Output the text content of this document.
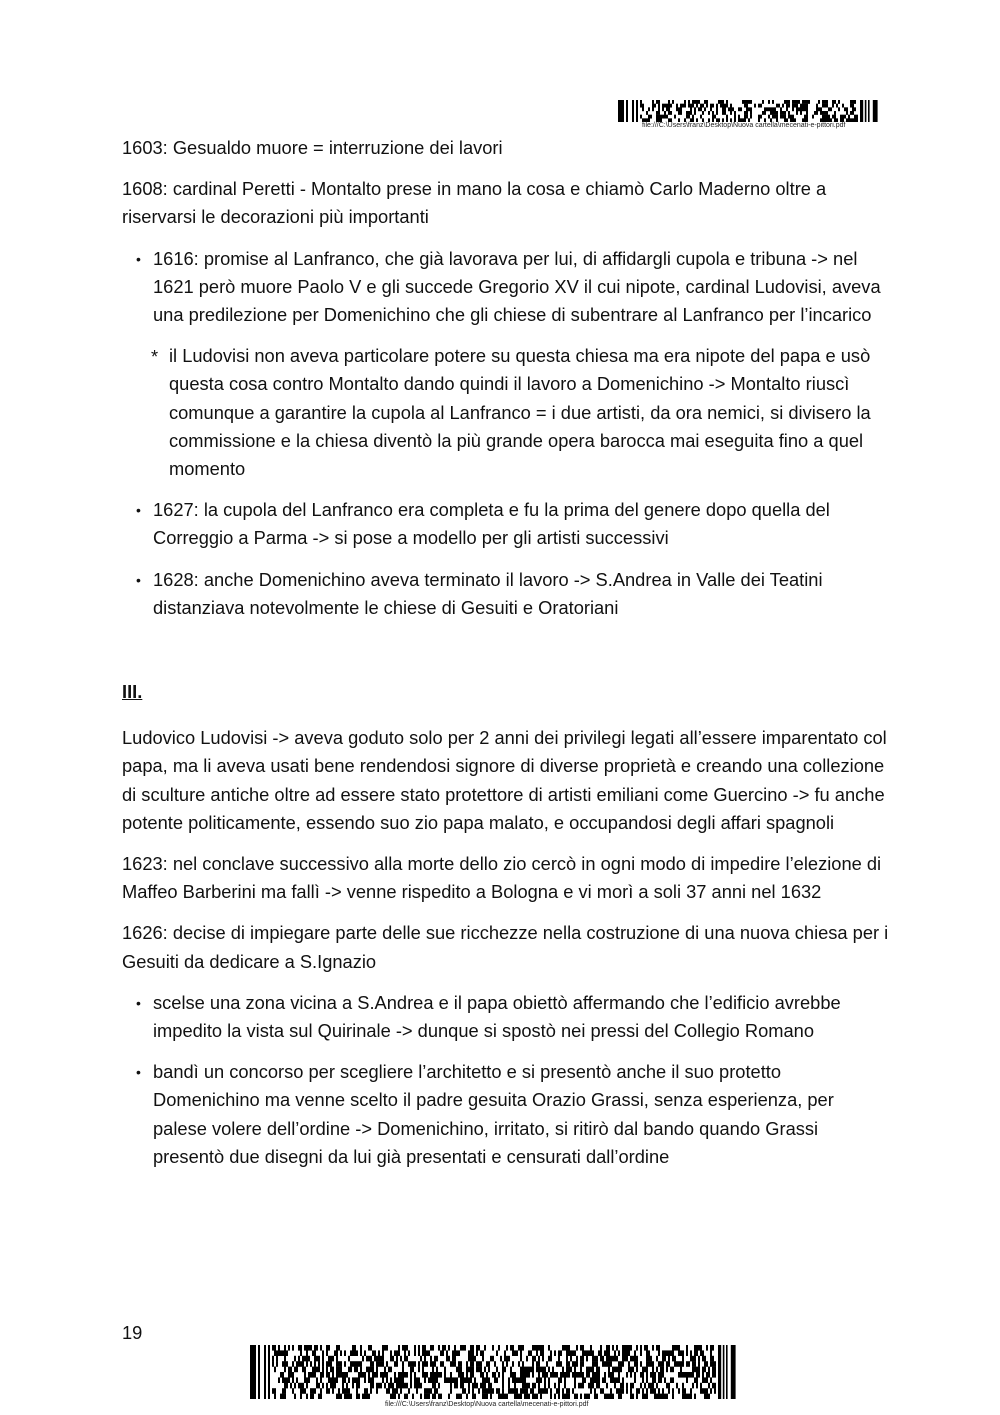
file:///C:\Users\franz\Desktop\Nuova cartella\mecenati-e-pittori.pdf

1603: Gesualdo muore = interruzione dei lavori

1608: cardinal Peretti - Montalto prese in mano la cosa e chiamò Carlo Maderno oltre a riservarsi le decorazioni più importanti

• 1616: promise al Lanfranco, che già lavorava per lui, di affidargli cupola e tribuna -> nel 1621 però muore Paolo V e gli succede Gregorio XV il cui nipote, cardinal Ludovisi, aveva una predilezione per Domenichino che gli chiese di subentrare al Lanfranco per l’incarico
* il Ludovisi non aveva particolare potere su questa chiesa ma era nipote del papa e usò questa cosa contro Montalto dando quindi il lavoro a Domenichino -> Montalto riuscì comunque a garantire la cupola al Lanfranco = i due artisti, da ora nemici, si divisero la commissione e la chiesa diventò la più grande opera barocca mai eseguita fino a quel momento
• 1627: la cupola del Lanfranco era completa e fu la prima del genere dopo quella del Correggio a Parma -> si pose a modello per gli artisti successivi
• 1628: anche Domenichino aveva terminato il lavoro -> S.Andrea in Valle dei Teatini distanziava notevolmente le chiese di Gesuiti e Oratoriani

III.

Ludovico Ludovisi -> aveva goduto solo per 2 anni dei privilegi legati all’essere imparentato col papa, ma li aveva usati bene rendendosi signore di diverse proprietà e creando una collezione di sculture antiche oltre ad essere stato protettore di artisti emiliani come Guercino -> fu anche potente politicamente, essendo suo zio papa malato, e occupandosi degli affari spagnoli

1623: nel conclave successivo alla morte dello zio cercò in ogni modo di impedire l’elezione di Maffeo Barberini ma fallì -> venne rispedito a Bologna e vi morì a soli 37 anni nel 1632

1626: decise di impiegare parte delle sue ricchezze nella costruzione di una nuova chiesa per i Gesuiti da dedicare a S.Ignazio

• scelse una zona vicina a S.Andrea e il papa obiettò affermando che l’edificio avrebbe impedito la vista sul Quirinale -> dunque si spostò nei pressi del Collegio Romano
• bandì un concorso per scegliere l’architetto e si presentò anche il suo protetto Domenichino ma venne scelto il padre gesuita Orazio Grassi, senza esperienza, per palese volere dell’ordine -> Domenichino, irritato, si ritirò dal bando quando Grassi presentò due disegni da lui già presentati e censurati dall’ordine
19
file:///C:\Users\franz\Desktop\Nuova cartella\mecenati-e-pittori.pdf
